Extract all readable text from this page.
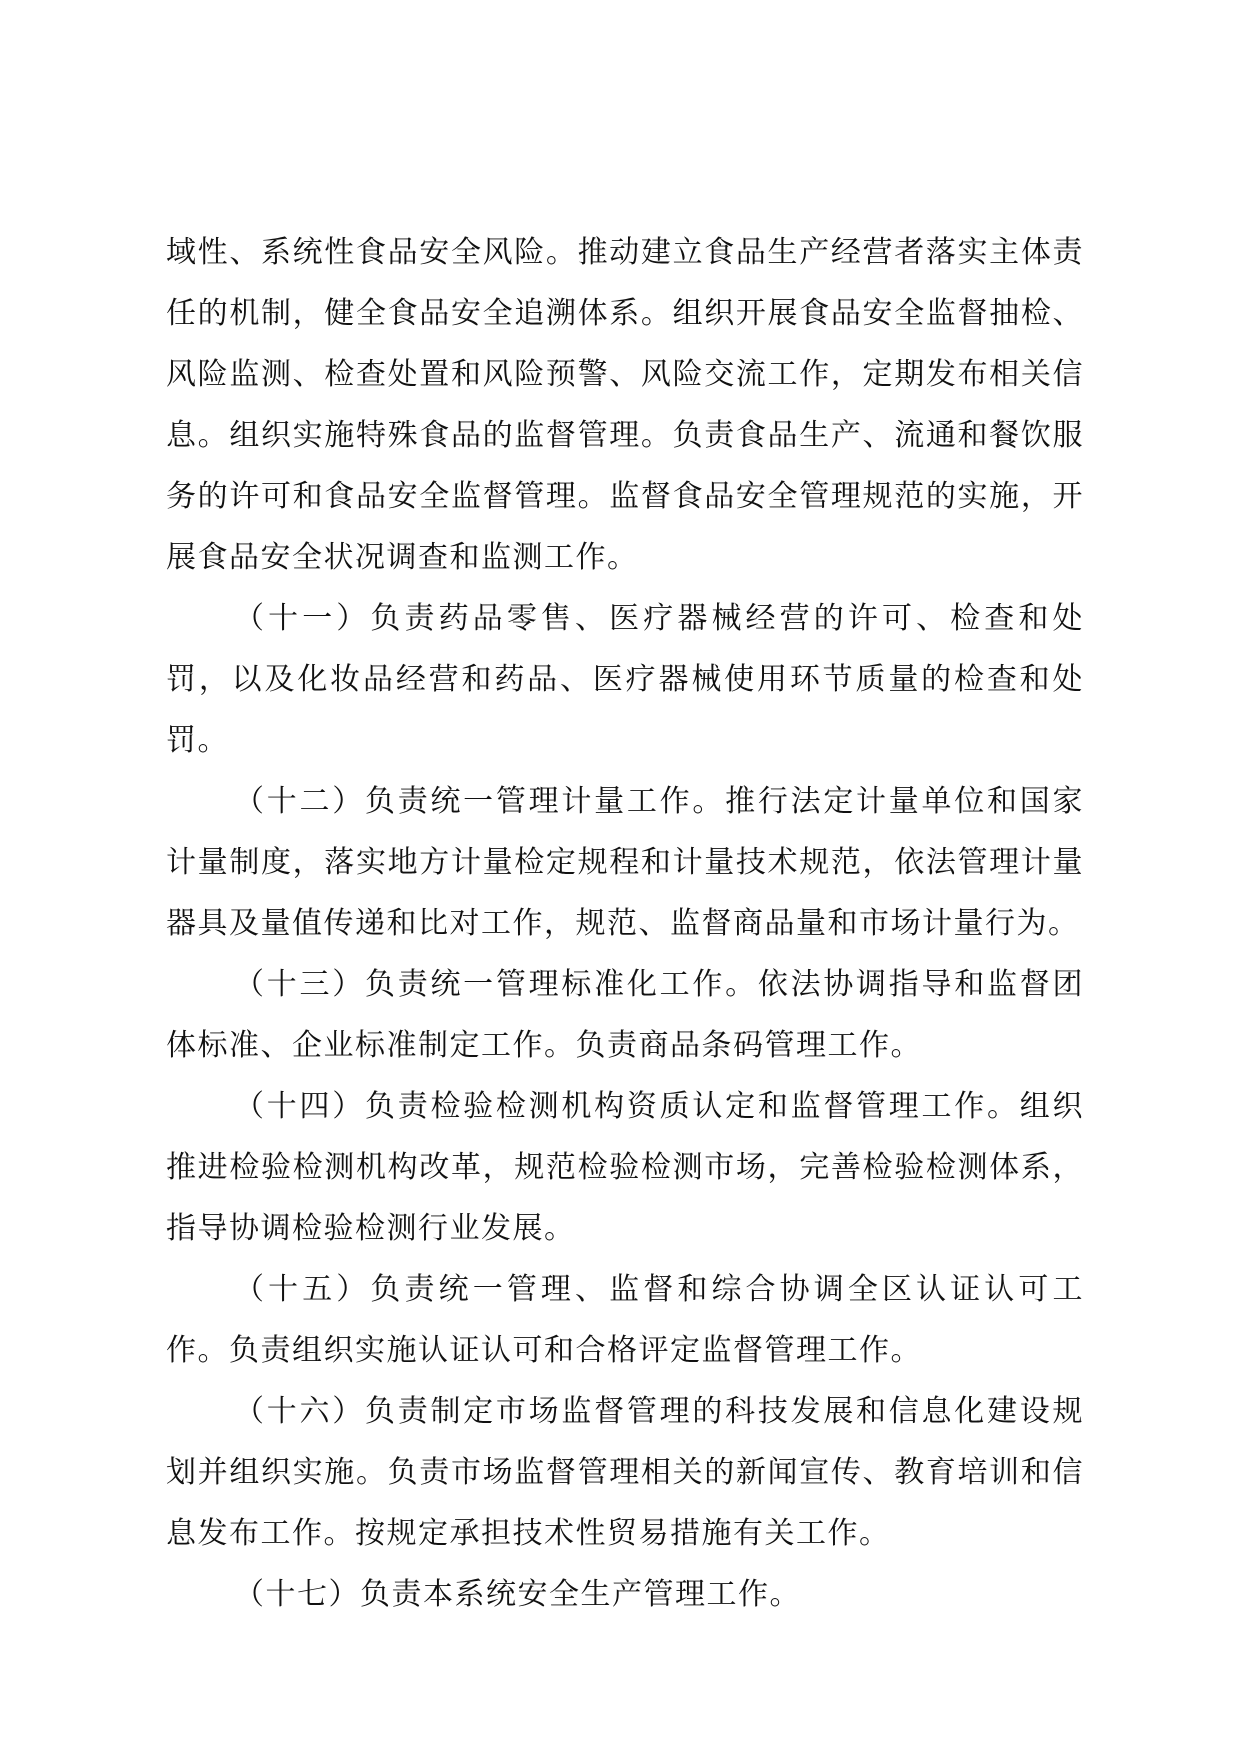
域性、系统性食品安全风险。推动建立食品生产经营者落实主体责任的机制，健全食品安全追溯体系。组织开展食品安全监督抽检、风险监测、检查处置和风险预警、风险交流工作，定期发布相关信息。组织实施特殊食品的监督管理。负责食品生产、流通和餐饮服务的许可和食品安全监督管理。监督食品安全管理规范的实施，开展食品安全状况调查和监测工作。

（十一）负责药品零售、医疗器械经营的许可、检查和处罚，以及化妆品经营和药品、医疗器械使用环节质量的检查和处罚。

（十二）负责统一管理计量工作。推行法定计量单位和国家计量制度，落实地方计量检定规程和计量技术规范，依法管理计量器具及量值传递和比对工作，规范、监督商品量和市场计量行为。

（十三）负责统一管理标准化工作。依法协调指导和监督团体标准、企业标准制定工作。负责商品条码管理工作。

（十四）负责检验检测机构资质认定和监督管理工作。组织推进检验检测机构改革，规范检验检测市场，完善检验检测体系，指导协调检验检测行业发展。

（十五）负责统一管理、监督和综合协调全区认证认可工作。负责组织实施认证认可和合格评定监督管理工作。

（十六）负责制定市场监督管理的科技发展和信息化建设规划并组织实施。负责市场监督管理相关的新闻宣传、教育培训和信息发布工作。按规定承担技术性贸易措施有关工作。

（十七）负责本系统安全生产管理工作。
